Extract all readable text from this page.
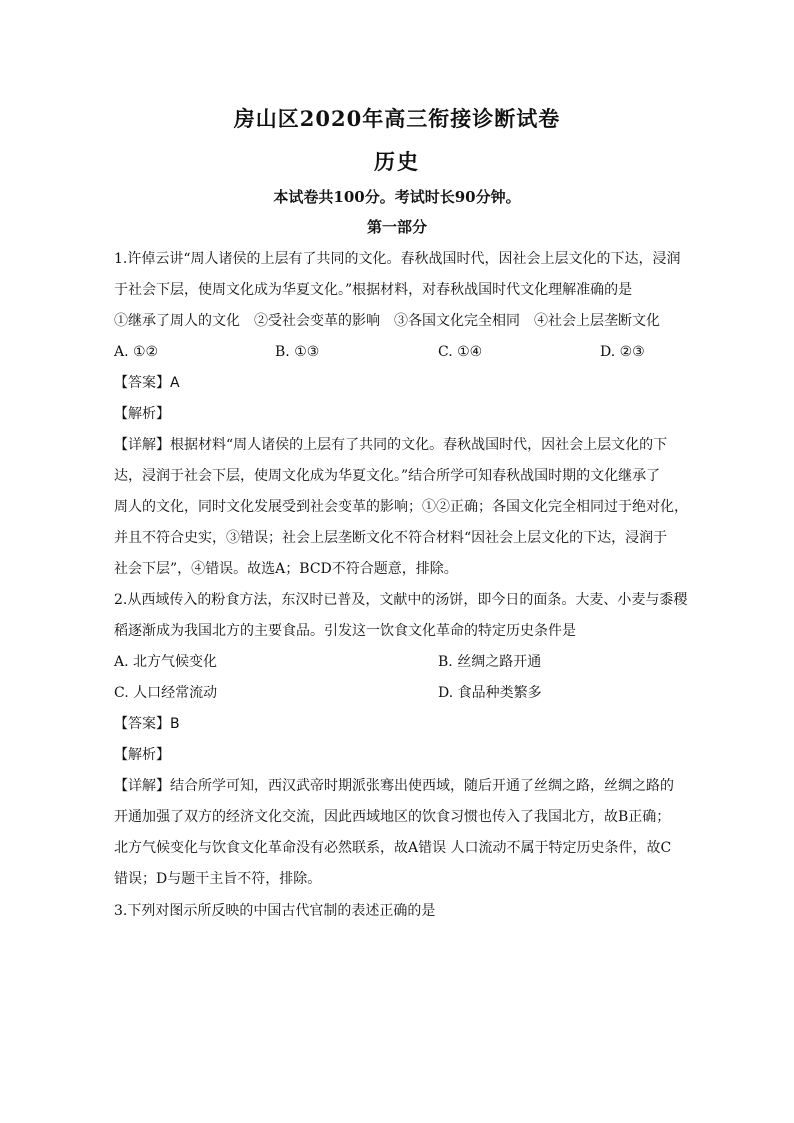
房山区2020年高三衔接诊断试卷
历史
本试卷共100分。考试时长90分钟。
第一部分
1.许倬云讲“周人诸侯的上层有了共同的文化。春秋战国时代，因社会上层文化的下达，浸润
于社会下层，使周文化成为华夏文化。”根据材料，对春秋战国时代文化理解准确的是
①继承了周人的文化　②受社会变革的影响　③各国文化完全相同　④社会上层垄断文化
A. ①②	B. ①③	C. ①④	D. ②③
【答案】A
【解析】
【详解】根据材料“周人诸侯的上层有了共同的文化。春秋战国时代，因社会上层文化的下
达，浸润于社会下层，使周文化成为华夏文化。”结合所学可知春秋战国时期的文化继承了
周人的文化，同时文化发展受到社会变革的影响；①②正确；各国文化完全相同过于绝对化，
并且不符合史实，③错误；社会上层垄断文化不符合材料“因社会上层文化的下达，浸润于
社会下层”，④错误。故选A；BCD不符合题意，排除。
2.从西域传入的粉食方法，东汉时已普及，文献中的汤饼，即今日的面条。大麦、小麦与黍稷
稻逐渐成为我国北方的主要食品。引发这一饮食文化革命的特定历史条件是
A. 北方气候变化	B. 丝绸之路开通
C. 人口经常流动	D. 食品种类繁多
【答案】B
【解析】
【详解】结合所学可知，西汉武帝时期派张骞出使西域，随后开通了丝绸之路，丝绸之路的
开通加强了双方的经济文化交流，因此西域地区的饮食习惯也传入了我国北方，故B正确；
北方气候变化与饮食文化革命没有必然联系，故A错误 人口流动不属于特定历史条件，故C
错误；D与题干主旨不符，排除。
3.下列对图示所反映的中国古代官制的表述正确的是
